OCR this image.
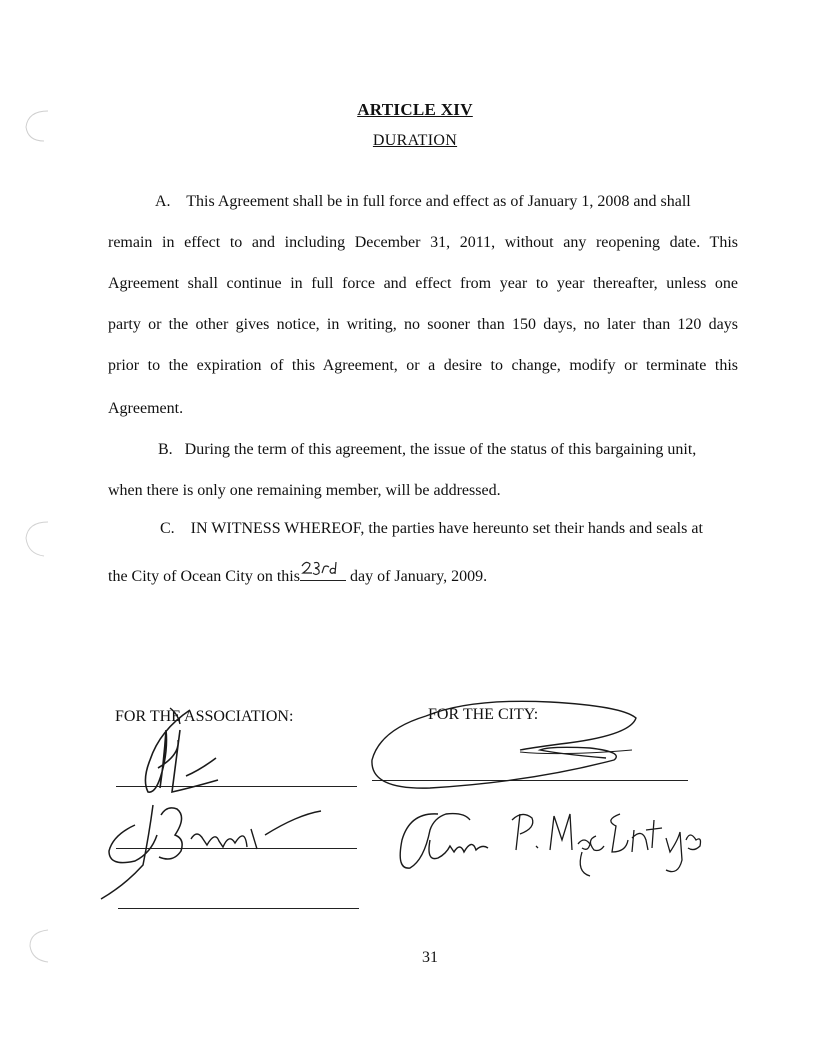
ARTICLE XIV
DURATION
A. This Agreement shall be in full force and effect as of January 1, 2008 and shall
remain in effect to and including December 31, 2011, without any reopening date. This
Agreement shall continue in full force and effect from year to year thereafter, unless one
party or the other gives notice, in writing, no sooner than 150 days, no later than 120 days
prior to the expiration of this Agreement, or a desire to change, modify or terminate this
Agreement.
B. During the term of this agreement, the issue of the status of this bargaining unit,
when there is only one remaining member, will be addressed.
C. IN WITNESS WHEREOF, the parties have hereunto set their hands and seals at
the City of Ocean City on this	day of January, 2009.
FOR THE ASSOCIATION:	FOR THE CITY:
31
